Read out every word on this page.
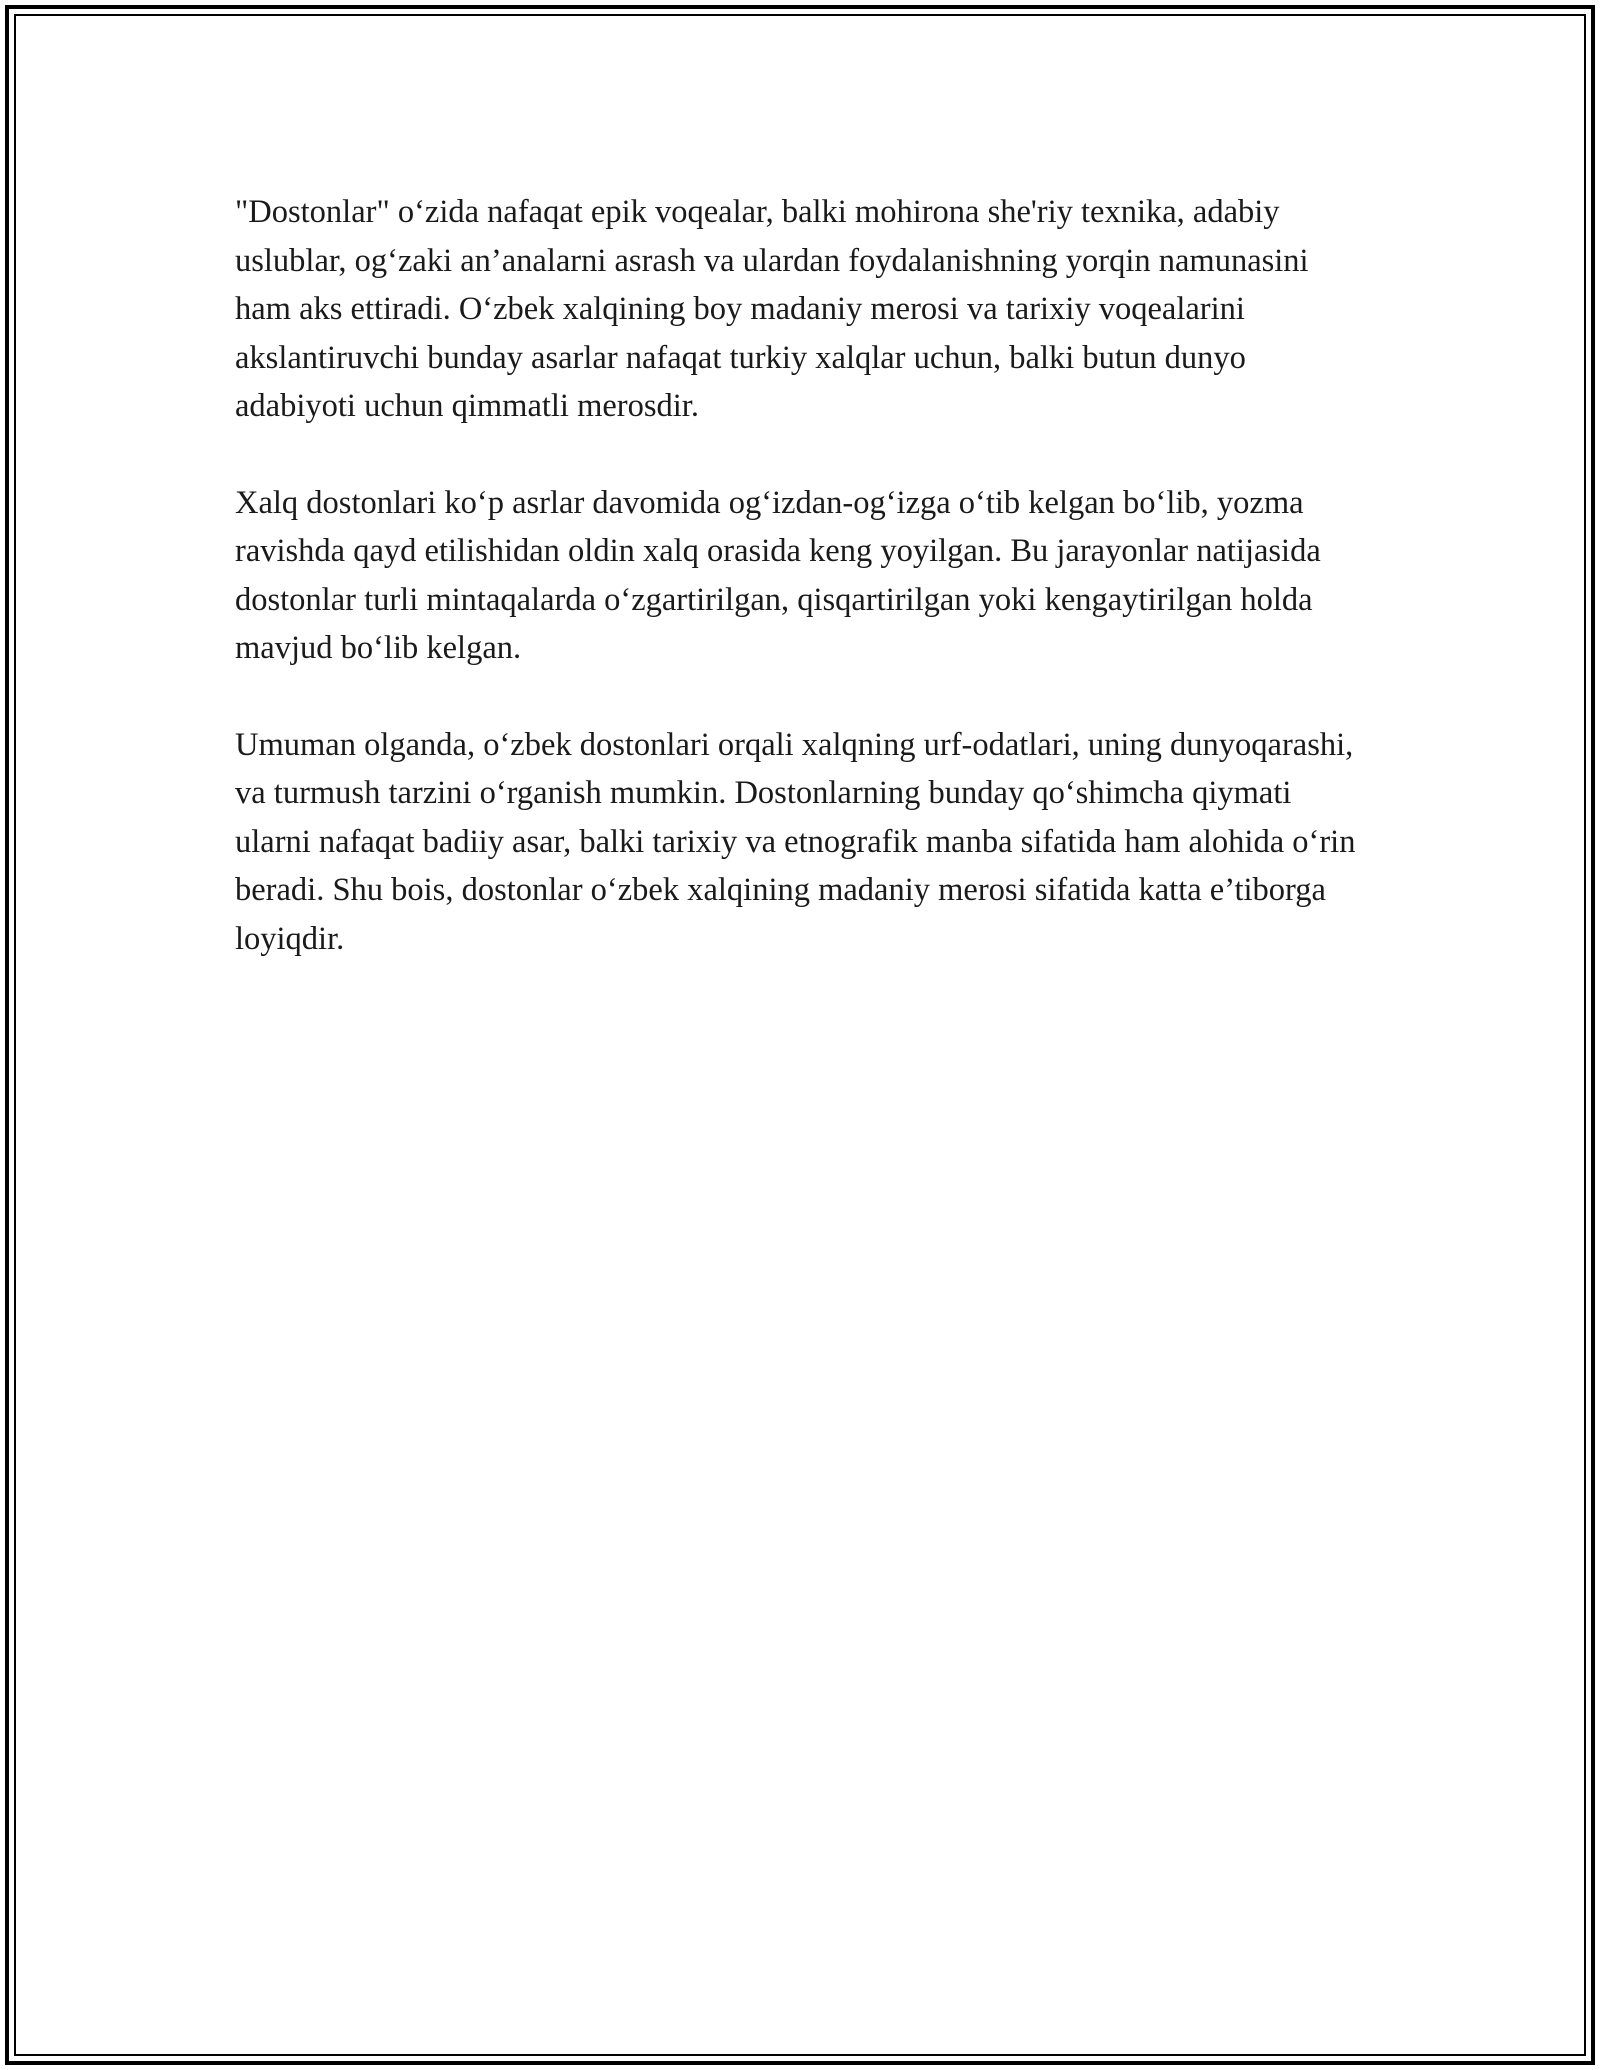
"Dostonlar" o‘zida nafaqat epik voqealar, balki mohirona she'riy texnika, adabiy uslublar, og‘zaki an’analarni asrash va ulardan foydalanishning yorqin namunasini ham aks ettiradi. O‘zbek xalqining boy madaniy merosi va tarixiy voqealarini akslantiruvchi bunday asarlar nafaqat turkiy xalqlar uchun, balki butun dunyo adabiyoti uchun qimmatli merosdir.

Xalq dostonlari ko‘p asrlar davomida og‘izdan-og‘izga o‘tib kelgan bo‘lib, yozma ravishda qayd etilishidan oldin xalq orasida keng yoyilgan. Bu jarayonlar natijasida dostonlar turli mintaqalarda o‘zgartirilgan, qisqartirilgan yoki kengaytirilgan holda mavjud bo‘lib kelgan.

Umuman olganda, o‘zbek dostonlari orqali xalqning urf-odatlari, uning dunyoqarashi, va turmush tarzini o‘rganish mumkin. Dostonlarning bunday qo‘shimcha qiymati ularni nafaqat badiiy asar, balki tarixiy va etnografik manba sifatida ham alohida o‘rin beradi. Shu bois, dostonlar o‘zbek xalqining madaniy merosi sifatida katta e’tiborga loyiqdir.
